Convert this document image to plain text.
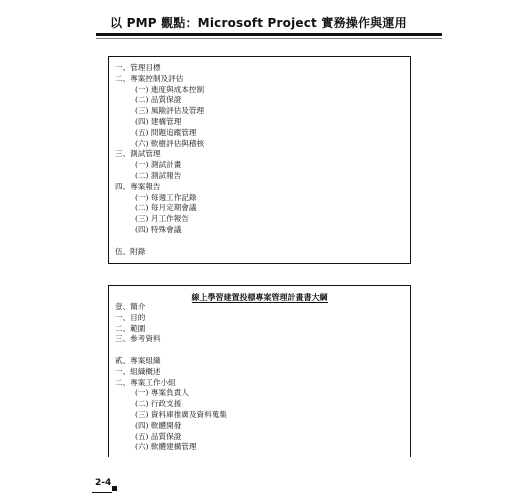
以 PMP 觀點：Microsoft Project 實務操作與運用
一、管理目標
二、專案控制及評估
(一) 進度與成本控制
(二) 品質保證
(三) 風險評估及管理
(四) 建構管理
(五) 問題追蹤管理
(六) 軟樹評估與稽核
三、測試管理
(一) 測試計畫
(二) 測試報告
四、專案報告
(一) 每週工作記錄
(二) 每月定期會議
(三) 月工作報告
(四) 特殊會議
伍、附錄
線上學習建置投標專案管理計畫書大綱
壹、簡介
一、目的
二、範圍
三、參考資料
貳、專案組織
一、組織概述
二、專案工作小組
(一) 專案負責人
(二) 行政支援
(三) 資料庫推廣及資料蒐集
(四) 軟體開發
(五) 品質保證
(六) 軟體建構管理
2-4
